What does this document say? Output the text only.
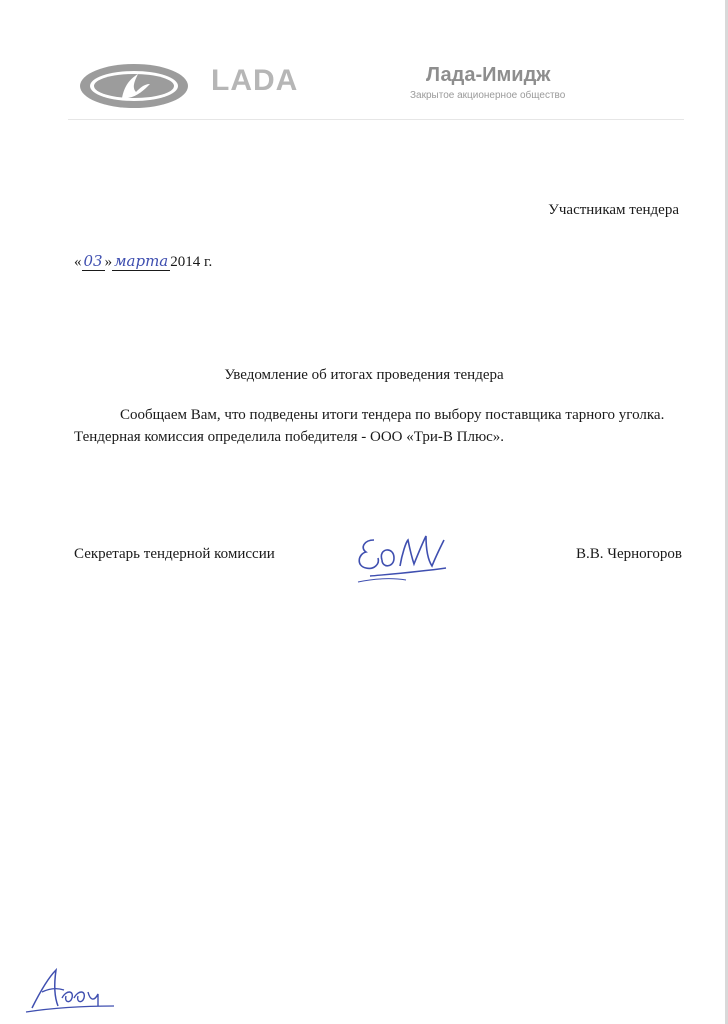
LADA	Лада-Имидж
Закрытое акционерное общество
Участникам тендера
« 03 » марта 2014 г.
Уведомление об итогах проведения тендера
Сообщаем Вам, что подведены итоги тендера по выбору поставщика тарного уголка. Тендерная комиссия определила победителя - ООО «Три-В Плюс».
Секретарь тендерной комиссии	В.В. Черногоров
